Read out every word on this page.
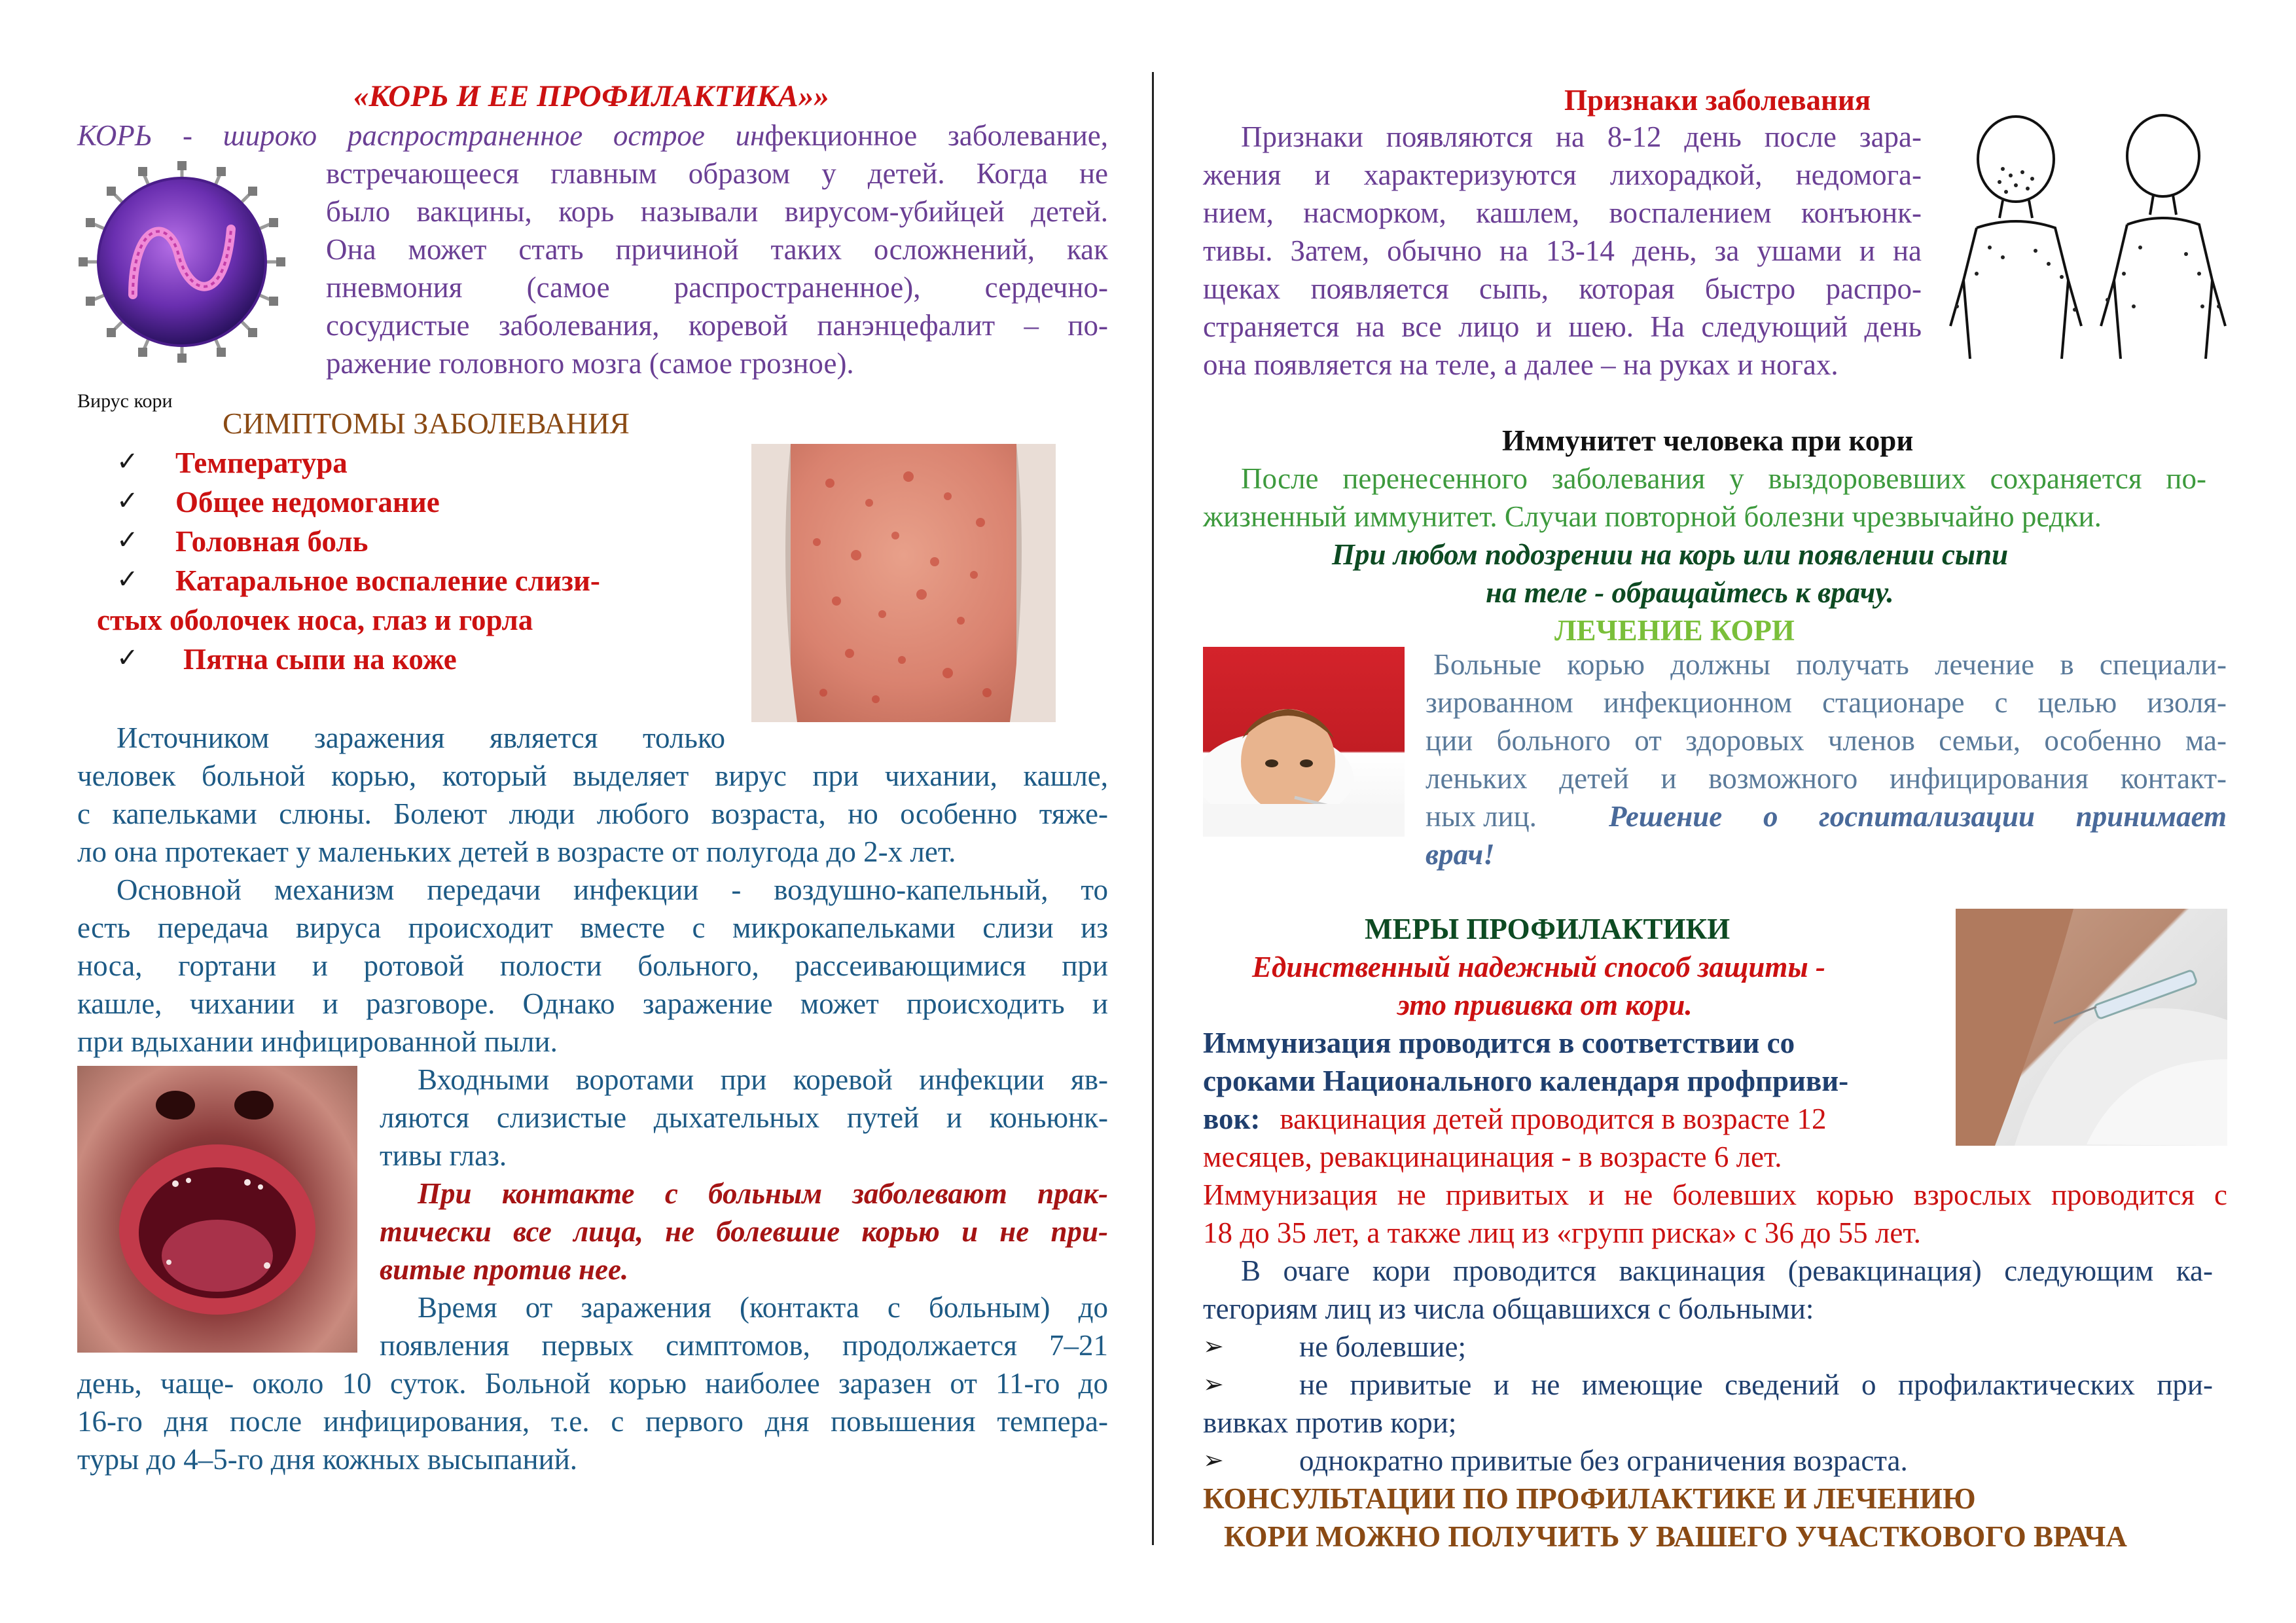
«КОРЬ И ЕЕ ПРОФИЛАКТИКА»»
КОРЬ - широко распространенное острое инфекционное заболевание,
встречающееся главным образом у детей. Когда не
было вакцины, корь называли вирусом-убийцей детей.
Она может стать причиной таких осложнений, как
пневмония (самое распространенное), сердечно-
сосудистые заболевания, коревой панэнцефалит – по-
ражение головного мозга (самое грозное).
Вирус кори
СИМПТОМЫ ЗАБОЛЕВАНИЯ
✓ Температура
✓ Общее недомогание
✓ Головная боль
✓ Катаральное воспаление слизи-
стых оболочек носа, глаз и горла
✓ Пятна сыпи на коже
Источником заражения является только
человек больной корью, который выделяет вирус при чихании, кашле,
с капельками слюны. Болеют люди любого возраста, но особенно тяже-
ло она протекает у маленьких детей в возрасте от полугода до 2-х лет.
Основной механизм передачи инфекции - воздушно-капельный, то
есть передача вируса происходит вместе с микрокапельками слизи из
носа, гортани и ротовой полости больного, рассеивающимися при
кашле, чихании и разговоре. Однако заражение может происходить и
при вдыхании инфицированной пыли.
Входными воротами при коревой инфекции яв-
ляются слизистые дыхательных путей и коньюнк-
тивы глаз.
При контакте с больным заболевают прак-
тически все лица, не болевшие корью и не при-
витые против нее.
Время от заражения (контакта с больным) до
появления первых симптомов, продолжается 7–21
день, чаще- около 10 суток. Больной корью наиболее заразен от 11-го до
16-го дня после инфицирования, т.е. с первого дня повышения темпера-
туры до 4–5-го дня кожных высыпаний.
Признаки заболевания
Признаки появляются на 8-12 день после зара-
жения и характеризуются лихорадкой, недомога-
нием, насморком, кашлем, воспалением конъюнк-
тивы. Затем, обычно на 13-14 день, за ушами и на
щеках появляется сыпь, которая быстро распро-
страняется на все лицо и шею. На следующий день
она появляется на теле, а далее – на руках и ногах.
Иммунитет человека при кори
После перенесенного заболевания у выздоровевших сохраняется по-
жизненный иммунитет. Случаи повторной болезни чрезвычайно редки.
При любом подозрении на корь или появлении сыпи
на теле - обращайтесь к врачу.
ЛЕЧЕНИЕ КОРИ
Больные корью должны получать лечение в специали-
зированном инфекционном стационаре с целью изоля-
ции больного от здоровых членов семьи, особенно ма-
леньких детей и возможного инфицирования контакт-
ных лиц. Решение о госпитализации принимает
врач!
МЕРЫ ПРОФИЛАКТИКИ
Единственный надежный способ защиты -
это прививка от кори.
Иммунизация проводится в соответствии со
сроками Национального календаря профприви-
вок: вакцинация детей проводится в возрасте 12
месяцев, ревакцинацинация - в возрасте 6 лет.
Иммунизация не привитых и не болевших корью взрослых проводится с
18 до 35 лет, а также лиц из «групп риска» с 36 до 55 лет.
В очаге кори проводится вакцинация (ревакцинация) следующим ка-
тегориям лиц из числа общавшихся с больными:
➢	не болевшие;
➢	не привитые и не имеющие сведений о профилактических при-
вивках против кори;
➢	однократно привитые без ограничения возраста.
КОНСУЛЬТАЦИИ ПО ПРОФИЛАКТИКЕ И ЛЕЧЕНИЮ
КОРИ МОЖНО ПОЛУЧИТЬ У ВАШЕГО УЧАСТКОВОГО ВРАЧА
